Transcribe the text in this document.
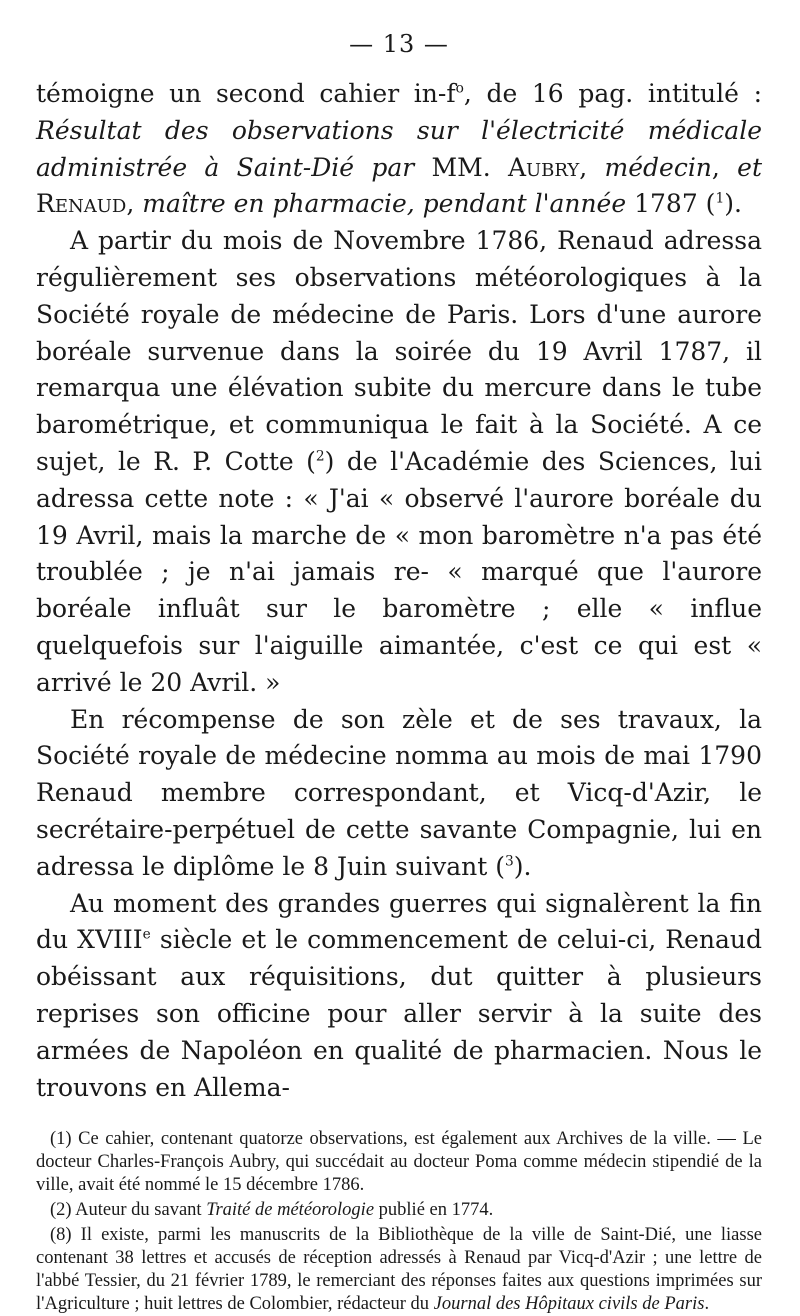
— 13 —

témoigne un second cahier $in-f^o$, de 16 pag. intitulé : Résultat des observations sur l'électricité médicale administrée à Saint-Dié par MM. Aubry, médecin, et Renaud, maître en pharmacie, pendant l'année 1787 ($^1$).

A partir du mois de Novembre 1786, Renaud adressa régulièrement ses observations météorologiques à la Société royale de médecine de Paris. Lors d'une aurore boréale survenue dans la soirée du 19 Avril 1787, il remarqua une élévation subite du mercure dans le tube barométrique, et communiqua le fait à la Société. A ce sujet, le R. P. Cotte ($^2$) de l'Académie des Sciences, lui adressa cette note : « J'ai « observé l'aurore boréale du 19 Avril, mais la marche de « mon baromètre n'a pas été troublée ; je n'ai jamais re- « marqué que l'aurore boréale influât sur le baromètre ; elle « influe quelquefois sur l'aiguille aimantée, c'est ce qui est « arrivé le 20 Avril. »

En récompense de son zèle et de ses travaux, la Société royale de médecine nomma au mois de mai 1790 Renaud membre correspondant, et Vicq-d'Azir, le secrétaire-perpétuel de cette savante Compagnie, lui en adressa le diplôme le 8 Juin suivant ($^3$).

Au moment des grandes guerres qui signalèrent la fin du XVIIIe siècle et le commencement de celui-ci, Renaud obéissant aux réquisitions, dut quitter à plusieurs reprises son officine pour aller servir à la suite des armées de Napoléon en qualité de pharmacien. Nous le trouvons en Allema-

(1) Ce cahier, contenant quatorze observations, est également aux Archives de la ville. — Le docteur Charles-François Aubry, qui succédait au docteur Poma comme médecin stipendié de la ville, avait été nommé le 15 décembre 1786.

(2) Auteur du savant Traité de météorologie publié en 1774.

(8) Il existe, parmi les manuscrits de la Bibliothèque de la ville de Saint-Dié, une liasse contenant 38 lettres et accusés de réception adressés à Renaud par Vicq-d'Azir ; une lettre de l'abbé Tessier, du 21 février 1789, le remerciant des réponses faites aux questions imprimées sur l'Agriculture ; huit lettres de Colombier, rédacteur du Journal des Hôpitaux civils de Paris.
